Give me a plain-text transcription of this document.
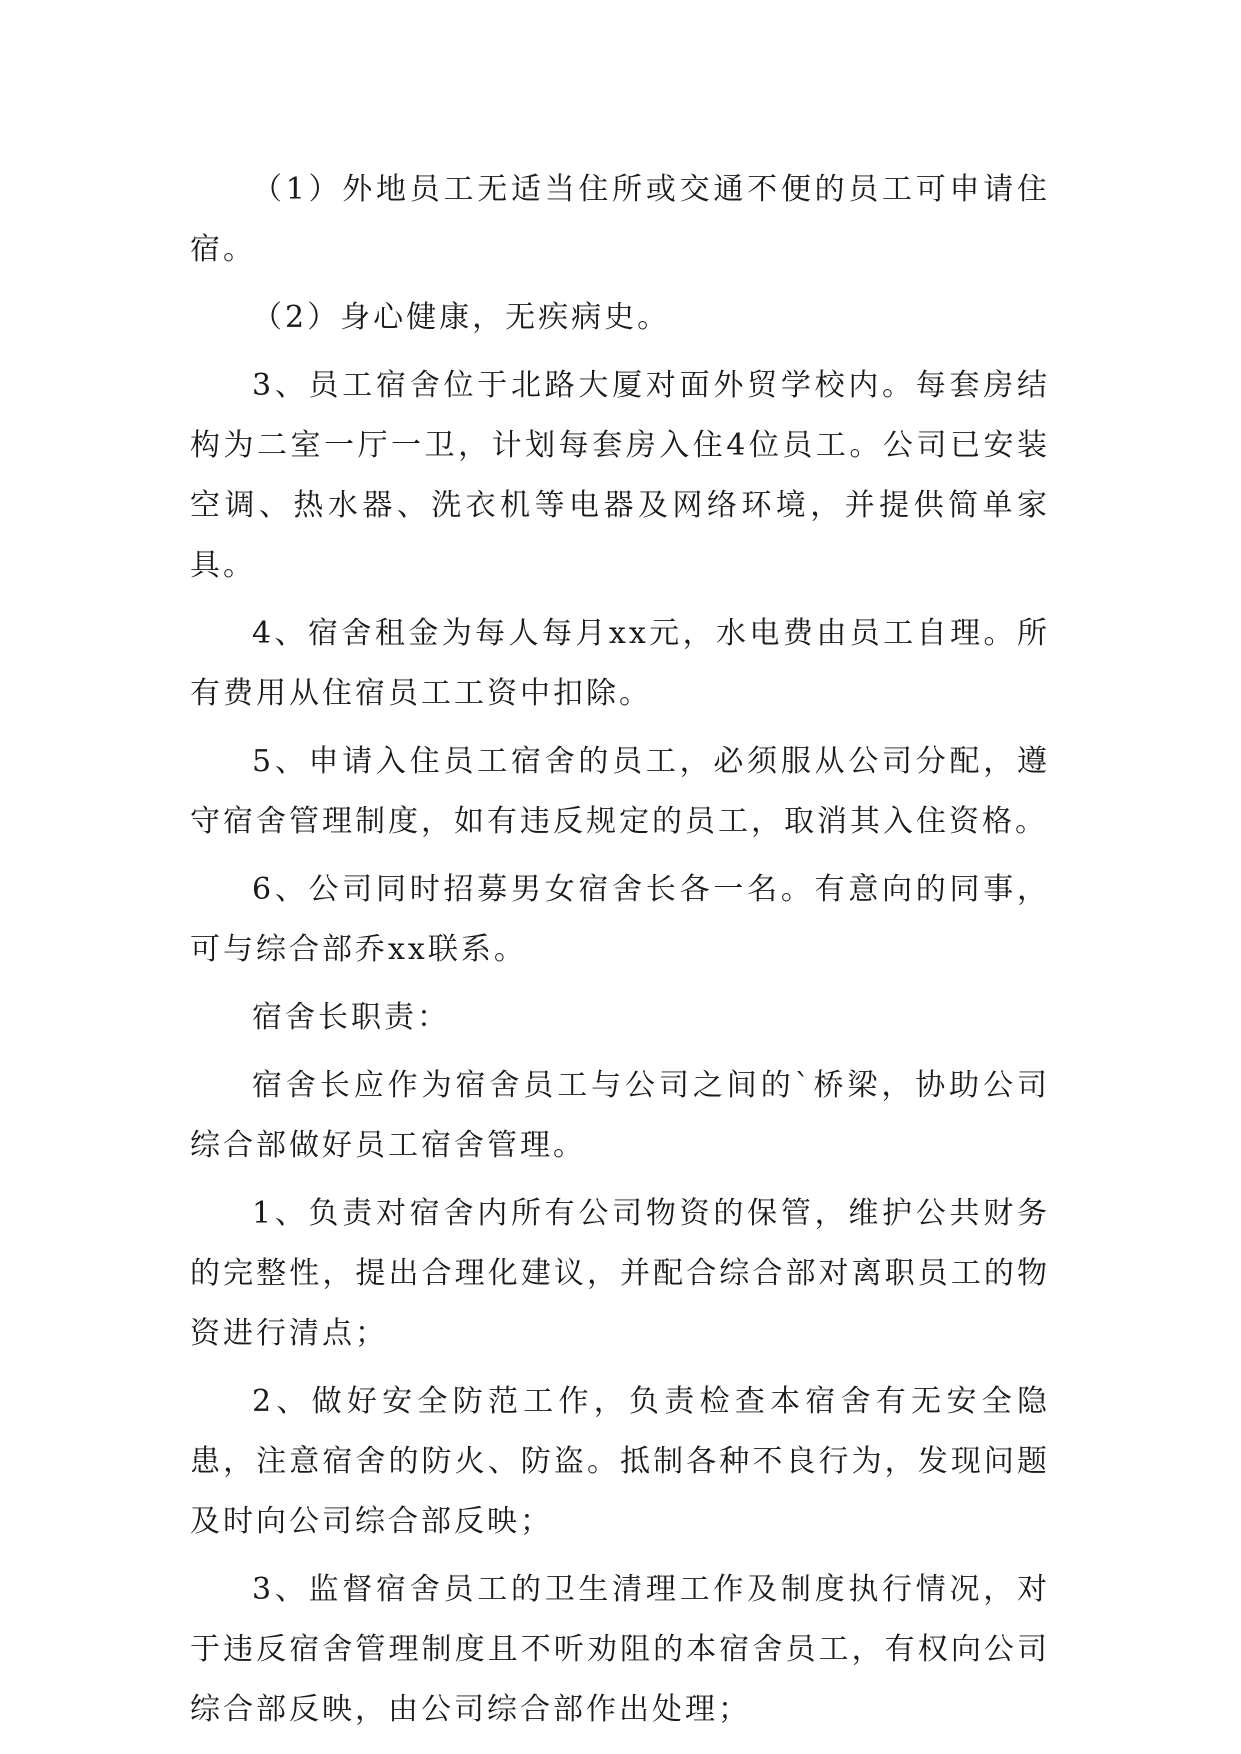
（1）外地员工无适当住所或交通不便的员工可申请住宿。

（2）身心健康，无疾病史。

3、员工宿舍位于北路大厦对面外贸学校内。每套房结构为二室一厅一卫，计划每套房入住4位员工。公司已安装空调、热水器、洗衣机等电器及网络环境，并提供简单家具。

4、宿舍租金为每人每月xx元，水电费由员工自理。所有费用从住宿员工工资中扣除。

5、申请入住员工宿舍的员工，必须服从公司分配，遵守宿舍管理制度，如有违反规定的员工，取消其入住资格。

6、公司同时招募男女宿舍长各一名。有意向的同事，可与综合部乔xx联系。

宿舍长职责：

宿舍长应作为宿舍员工与公司之间的`桥梁，协助公司综合部做好员工宿舍管理。

1、负责对宿舍内所有公司物资的保管，维护公共财务的完整性，提出合理化建议，并配合综合部对离职员工的物资进行清点；

2、做好安全防范工作，负责检查本宿舍有无安全隐患，注意宿舍的防火、防盗。抵制各种不良行为，发现问题及时向公司综合部反映；

3、监督宿舍员工的卫生清理工作及制度执行情况，对于违反宿舍管理制度且不听劝阻的本宿舍员工，有权向公司综合部反映，由公司综合部作出处理；
